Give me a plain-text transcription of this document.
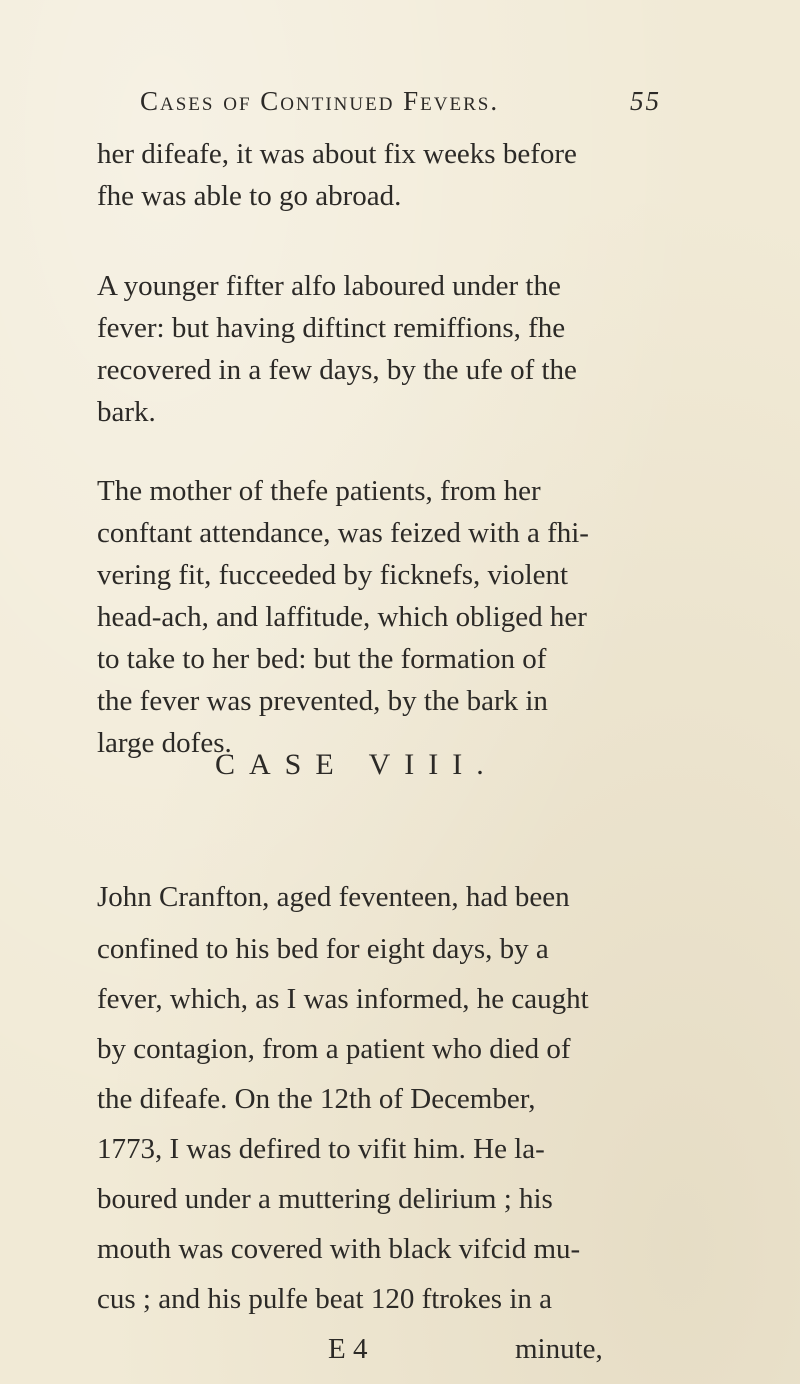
Cases of Continued Fevers.	55
her difeafe, it was about fix weeks before
fhe was able to go abroad.
A younger fifter alfo laboured under the
fever: but having diftinct remiffions, fhe
recovered in a few days, by the ufe of the
bark.
The mother of thefe patients, from her
conftant attendance, was feized with a fhi-
vering fit, fucceeded by ficknefs, violent
head-ach, and laffitude, which obliged her
to take to her bed: but the formation of
the fever was prevented, by the bark in
large dofes.
CASE VIII.
John Cranfton, aged feventeen, had been
confined to his bed for eight days, by a
fever, which, as I was informed, he caught
by contagion, from a patient who died of
the difeafe. On the 12th of December,
1773, I was defired to vifit him. He la-
boured under a muttering delirium ; his
mouth was covered with black vifcid mu-
cus ; and his pulfe beat 120 ftrokes in a
E 4	minute,
